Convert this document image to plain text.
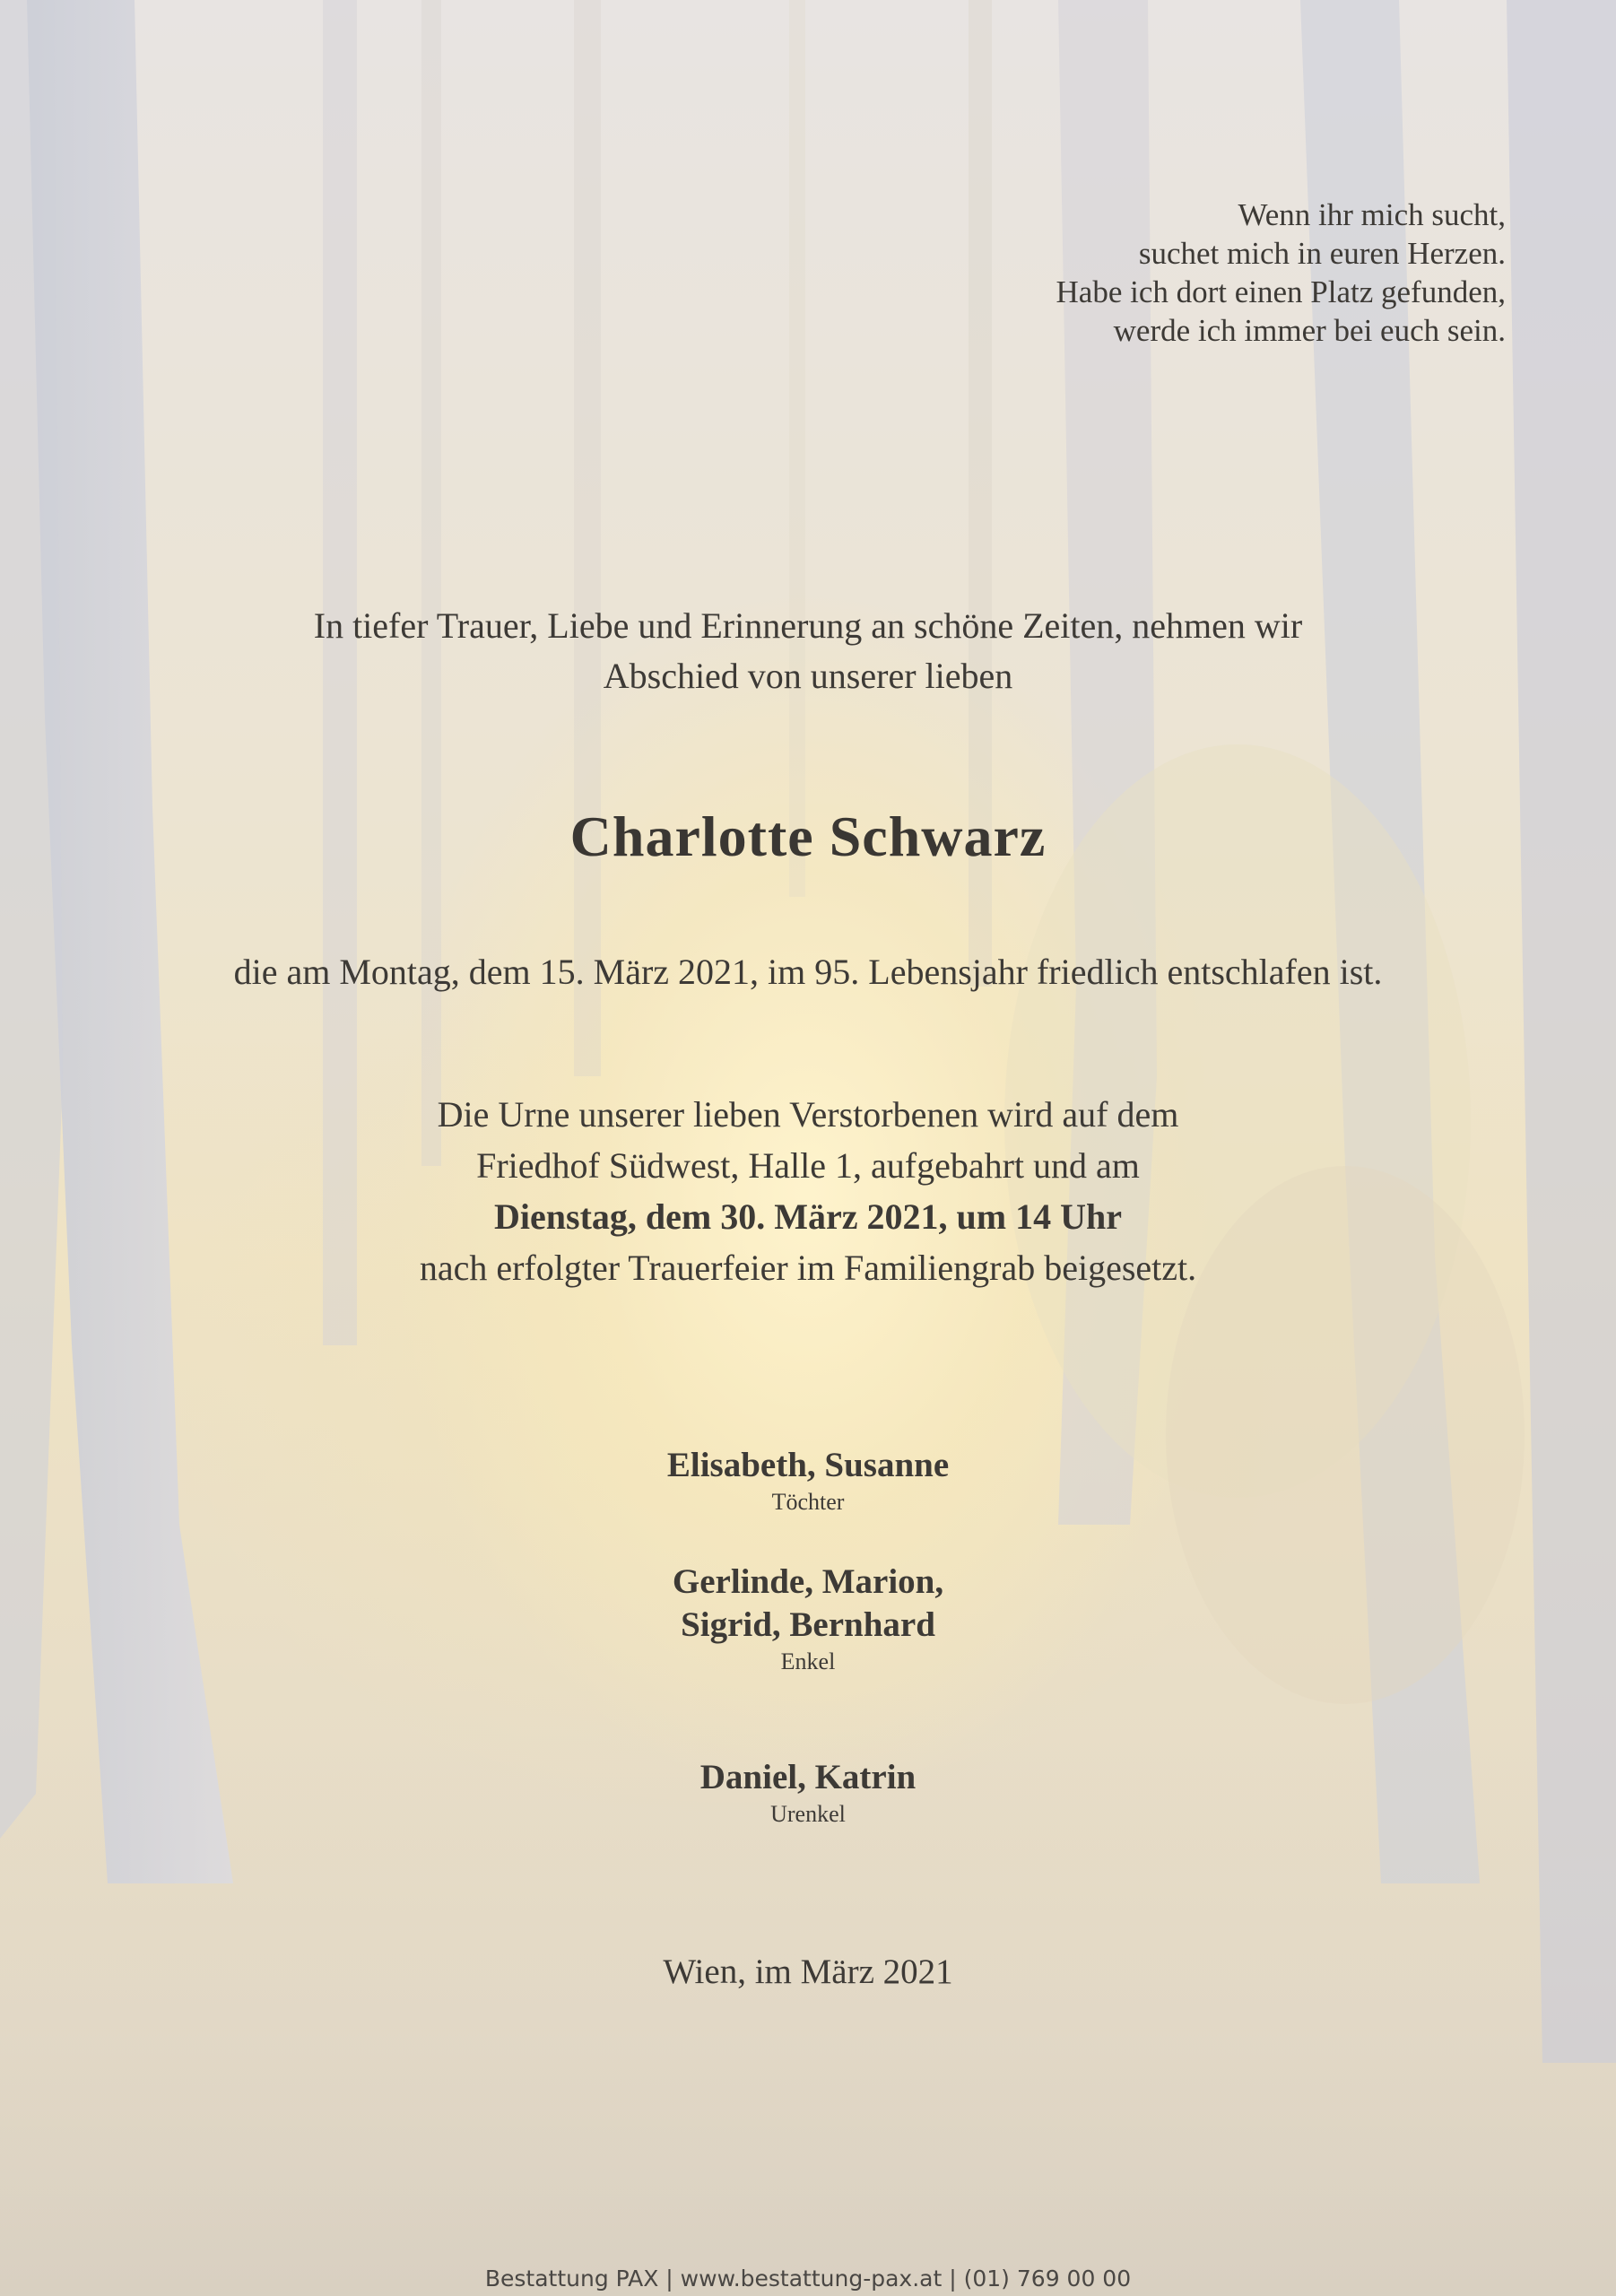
Wenn ihr mich sucht,
suchet mich in euren Herzen.
Habe ich dort einen Platz gefunden,
werde ich immer bei euch sein.
In tiefer Trauer, Liebe und Erinnerung an schöne Zeiten, nehmen wir
Abschied von unserer lieben
Charlotte Schwarz
die am Montag, dem 15. März 2021, im 95. Lebensjahr friedlich entschlafen ist.
Die Urne unserer lieben Verstorbenen wird auf dem
Friedhof Südwest, Halle 1, aufgebahrt und am
Dienstag, dem 30. März 2021, um 14 Uhr
nach erfolgter Trauerfeier im Familiengrab beigesetzt.
Elisabeth, Susanne
Töchter
Gerlinde, Marion,
Sigrid, Bernhard
Enkel
Daniel, Katrin
Urenkel
Wien, im März 2021
Bestattung PAX | www.bestattung-pax.at | (01) 769 00 00
